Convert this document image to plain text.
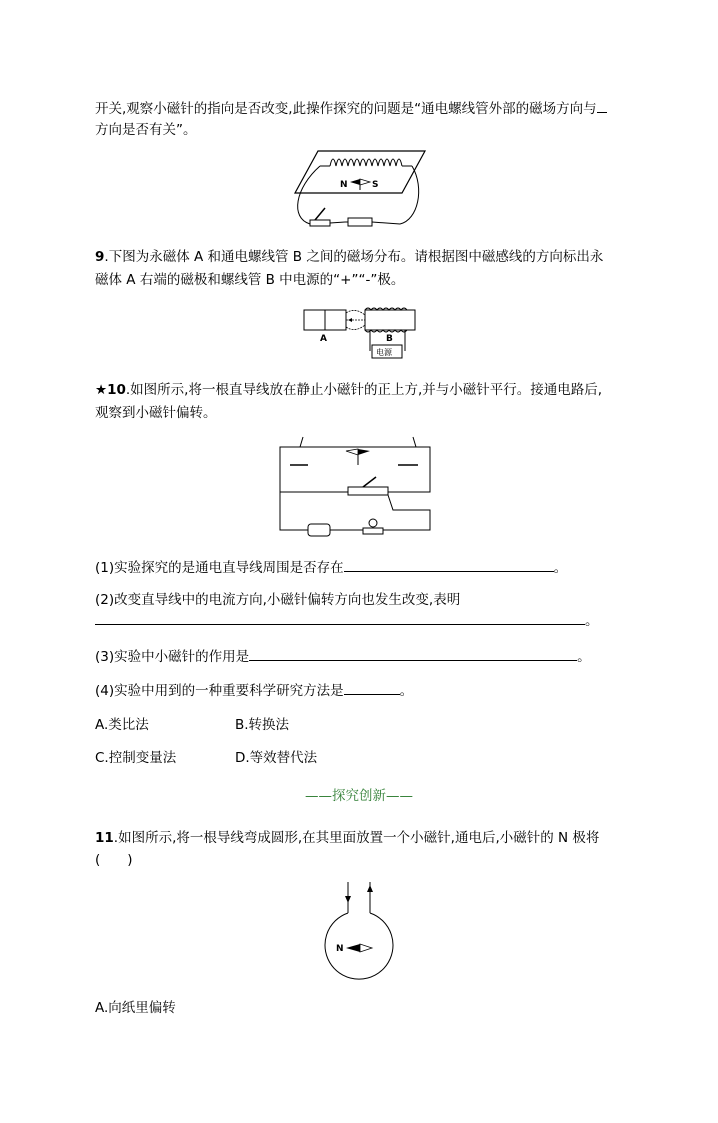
开关,观察小磁针的指向是否改变,此操作探究的问题是“通电螺线管外部的磁场方向与
方向是否有关”。
N	S
9.下图为永磁体 A 和通电螺线管 B 之间的磁场分布。请根据图中磁感线的方向标出永
磁体 A 右端的磁极和螺线管 B 中电源的“+”“-”极。
A	B
电源
★10.如图所示,将一根直导线放在静止小磁针的正上方,并与小磁针平行。接通电路后,
观察到小磁针偏转。
(1)实验探究的是通电直导线周围是否存在	。
(2)改变直导线中的电流方向,小磁针偏转方向也发生改变,表明
。
(3)实验中小磁针的作用是	。
(4)实验中用到的一种重要科学研究方法是	。
A.类比法	B.转换法
C.控制变量法	D.等效替代法
——探究创新——
11.如图所示,将一根导线弯成圆形,在其里面放置一个小磁针,通电后,小磁针的 N 极将
(　　)
N
A.向纸里偏转
